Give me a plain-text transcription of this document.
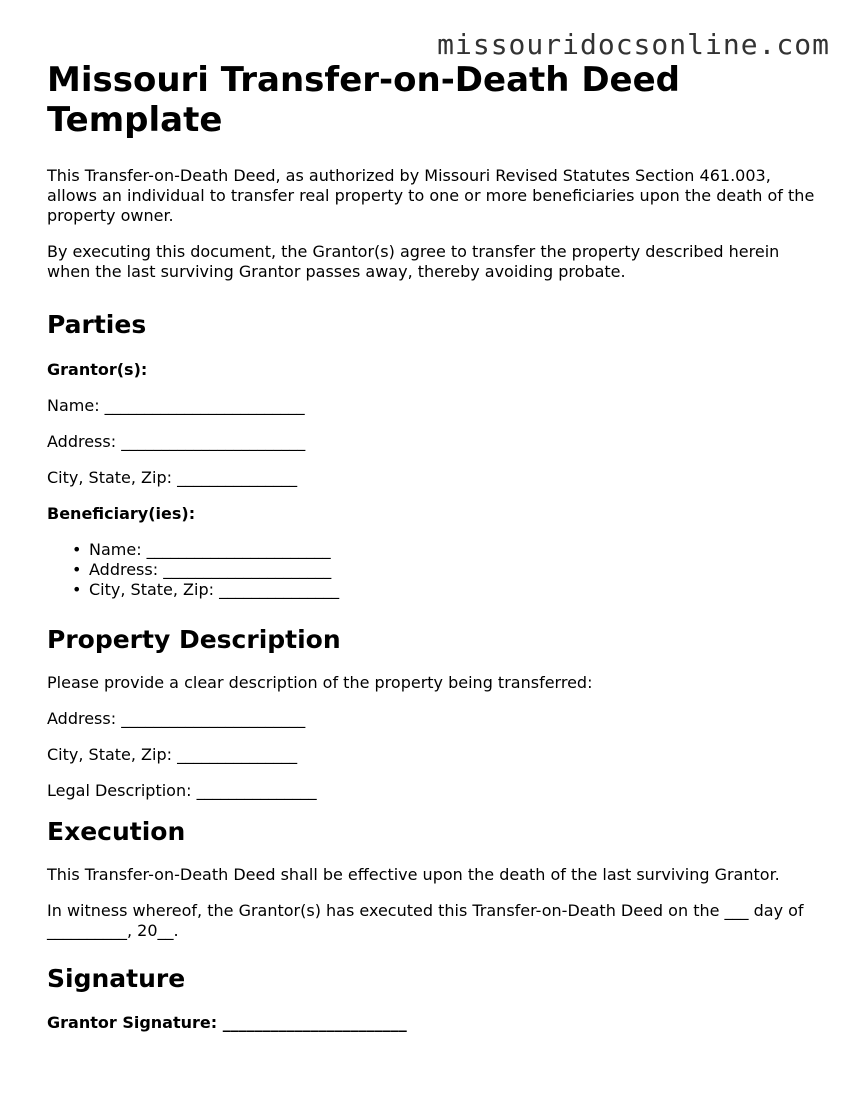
missouridocsonline.com
Missouri Transfer-on-Death Deed Template

This Transfer-on-Death Deed, as authorized by Missouri Revised Statutes Section 461.003, allows an individual to transfer real property to one or more beneficiaries upon the death of the property owner.

By executing this document, the Grantor(s) agree to transfer the property described herein when the last surviving Grantor passes away, thereby avoiding probate.

Parties

Grantor(s):

Name: _________________________

Address: _______________________

City, State, Zip: _______________

Beneficiary(ies):

• Name: _______________________
• Address: _____________________
• City, State, Zip: _______________
Property Description

Please provide a clear description of the property being transferred:

Address: _______________________

City, State, Zip: _______________

Legal Description: _______________

Execution

This Transfer-on-Death Deed shall be effective upon the death of the last surviving Grantor.

In witness whereof, the Grantor(s) has executed this Transfer-on-Death Deed on the ___ day of __________, 20__.

Signature

Grantor Signature: _______________________
